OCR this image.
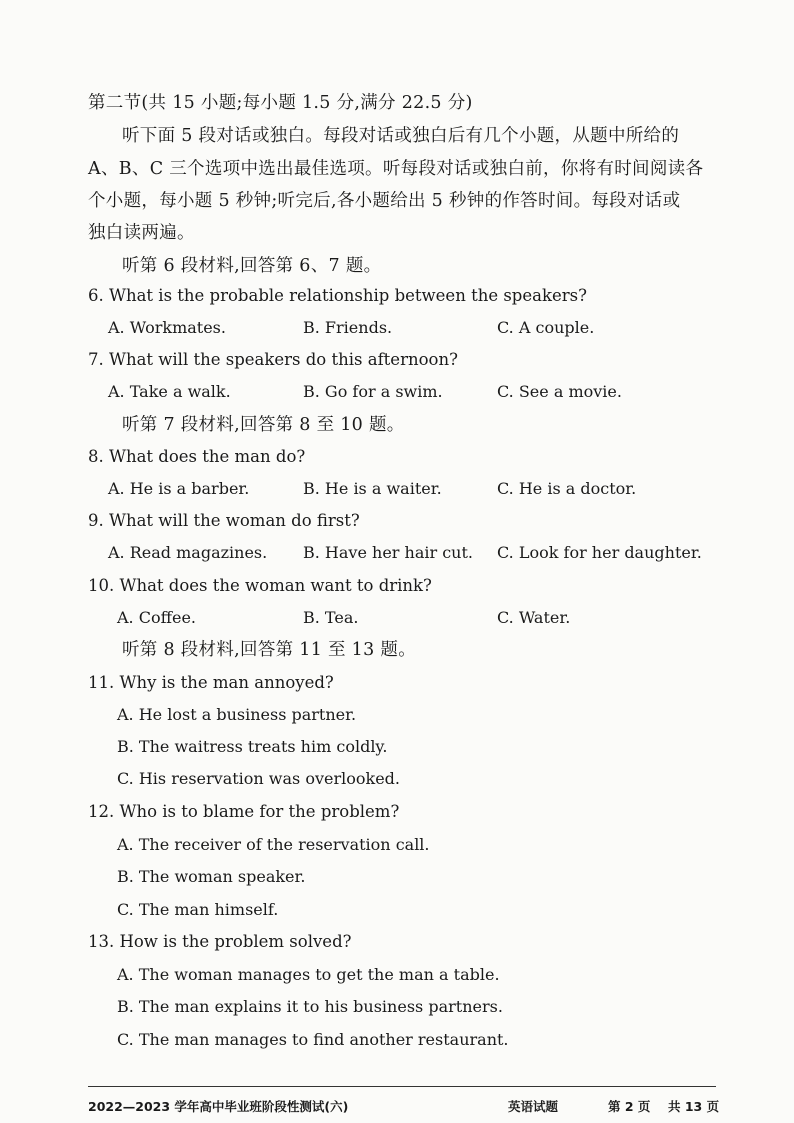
第二节(共 15 小题;每小题 1.5 分,满分 22.5 分)
听下面 5 段对话或独白。每段对话或独白后有几个小题，从题中所给的
A、B、C 三个选项中选出最佳选项。听每段对话或独白前，你将有时间阅读各
个小题，每小题 5 秒钟;听完后,各小题给出 5 秒钟的作答时间。每段对话或
独白读两遍。
听第 6 段材料,回答第 6、7 题。
6. What is the probable relationship between the speakers?
A. Workmates.	B. Friends.	C. A couple.
7. What will the speakers do this afternoon?
A. Take a walk.	B. Go for a swim.	C. See a movie.
听第 7 段材料,回答第 8 至 10 题。
8. What does the man do?
A. He is a barber.	B. He is a waiter.	C. He is a doctor.
9. What will the woman do first?
A. Read magazines. B. Have her hair cut. C. Look for her daughter.
10. What does the woman want to drink?
A. Coffee.	B. Tea.	C. Water.
听第 8 段材料,回答第 11 至 13 题。
11. Why is the man annoyed?
A. He lost a business partner.
B. The waitress treats him coldly.
C. His reservation was overlooked.
12. Who is to blame for the problem?
A. The receiver of the reservation call.
B. The woman speaker.
C. The man himself.
13. How is the problem solved?
A. The woman manages to get the man a table.
B. The man explains it to his business partners.
C. The man manages to find another restaurant.
2022—2023 学年高中毕业班阶段性测试(六)	英语试题	第 2 页 共 13 页
